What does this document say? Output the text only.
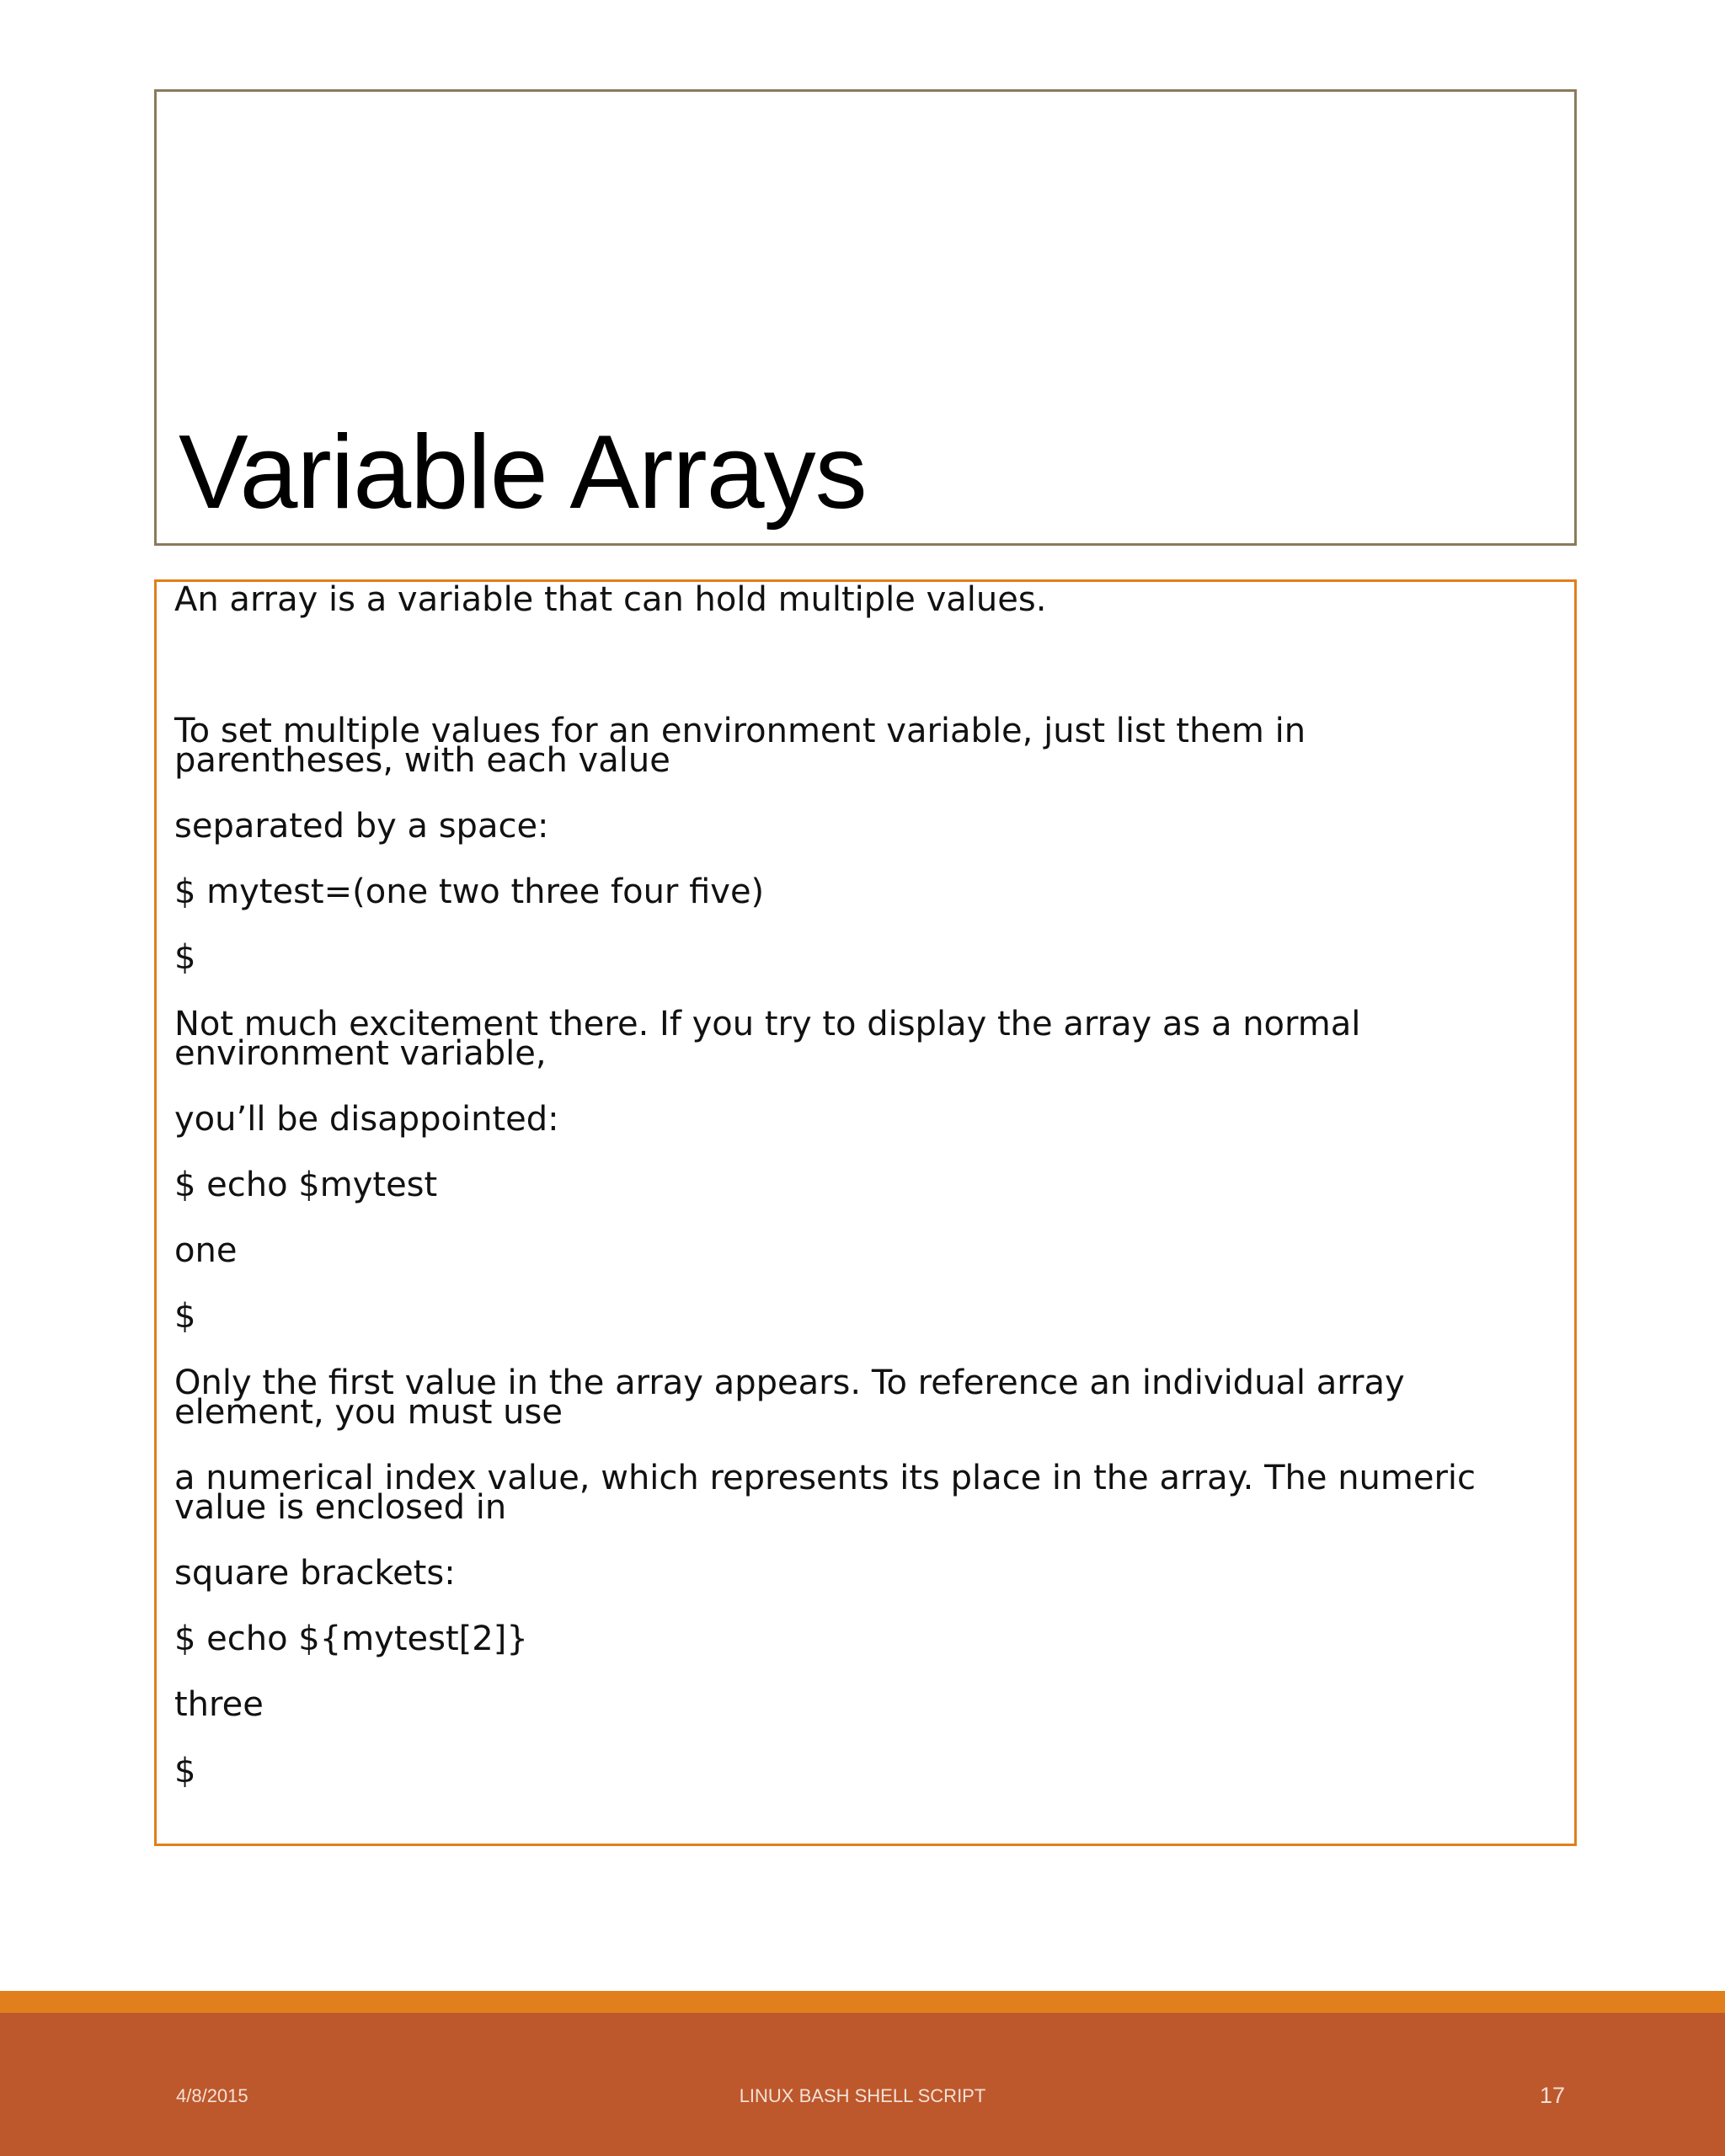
Variable Arrays

An array is a variable that can hold multiple values.

To set multiple values for an environment variable, just list them in

parentheses, with each value

separated by a space:

$ mytest=(one two three four five)

$

Not much excitement there. If you try to display the array as a normal

environment variable,

you’ll be disappointed:

$ echo $mytest

one

$

Only the first value in the array appears. To reference an individual array

element, you must use

a numerical index value, which represents its place in the array. The numeric

value is enclosed in

square brackets:

$ echo ${mytest[2]}

three

$

4/8/2015	LINUX BASH SHELL SCRIPT	17
